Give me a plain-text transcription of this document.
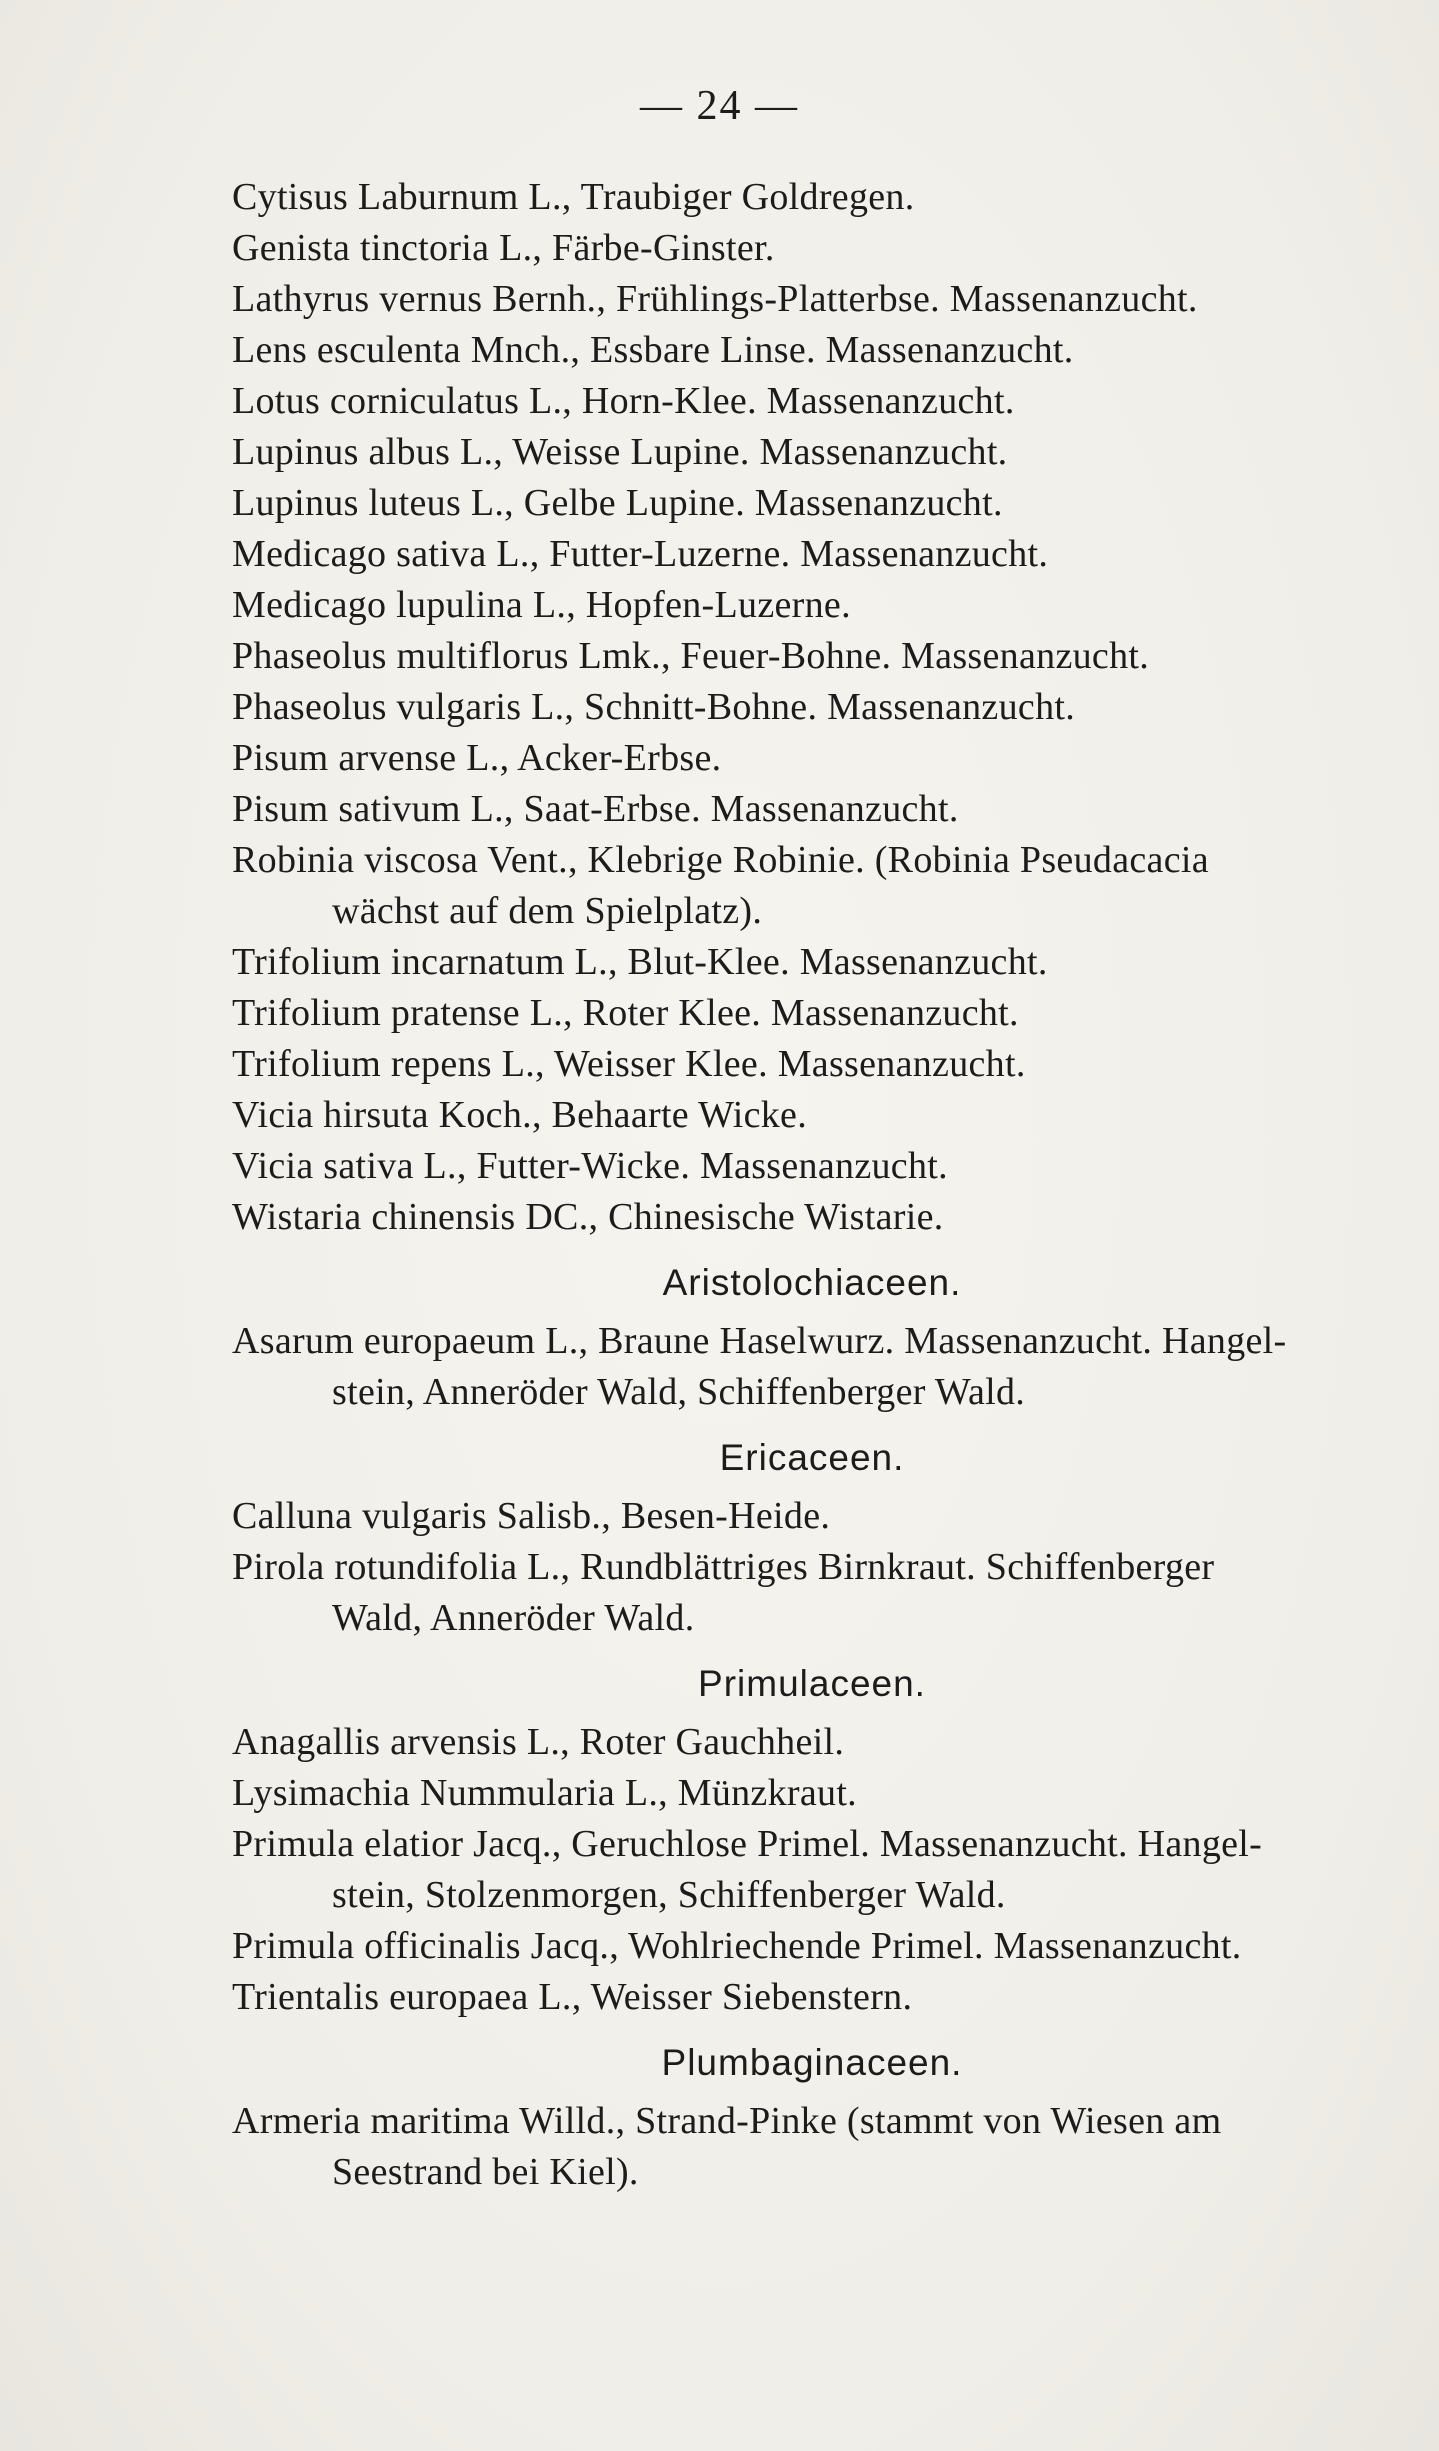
— 24 —
Cytisus Laburnum L., Traubiger Goldregen.
Genista tinctoria L., Färbe-Ginster.
Lathyrus vernus Bernh., Frühlings-Platterbse. Massenanzucht.
Lens esculenta Mnch., Essbare Linse. Massenanzucht.
Lotus corniculatus L., Horn-Klee. Massenanzucht.
Lupinus albus L., Weisse Lupine. Massenanzucht.
Lupinus luteus L., Gelbe Lupine. Massenanzucht.
Medicago sativa L., Futter-Luzerne. Massenanzucht.
Medicago lupulina L., Hopfen-Luzerne.
Phaseolus multiflorus Lmk., Feuer-Bohne. Massenanzucht.
Phaseolus vulgaris L., Schnitt-Bohne. Massenanzucht.
Pisum arvense L., Acker-Erbse.
Pisum sativum L., Saat-Erbse. Massenanzucht.
Robinia viscosa Vent., Klebrige Robinie. (Robinia Pseudacacia
wächst auf dem Spielplatz).
Trifolium incarnatum L., Blut-Klee. Massenanzucht.
Trifolium pratense L., Roter Klee. Massenanzucht.
Trifolium repens L., Weisser Klee. Massenanzucht.
Vicia hirsuta Koch., Behaarte Wicke.
Vicia sativa L., Futter-Wicke. Massenanzucht.
Wistaria chinensis DC., Chinesische Wistarie.
Aristolochiaceen.
Asarum europaeum L., Braune Haselwurz. Massenanzucht. Hangel-
stein, Anneröder Wald, Schiffenberger Wald.
Ericaceen.
Calluna vulgaris Salisb., Besen-Heide.
Pirola rotundifolia L., Rundblättriges Birnkraut. Schiffenberger
Wald, Anneröder Wald.
Primulaceen.
Anagallis arvensis L., Roter Gauchheil.
Lysimachia Nummularia L., Münzkraut.
Primula elatior Jacq., Geruchlose Primel. Massenanzucht. Hangel-
stein, Stolzenmorgen, Schiffenberger Wald.
Primula officinalis Jacq., Wohlriechende Primel. Massenanzucht.
Trientalis europaea L., Weisser Siebenstern.
Plumbaginaceen.
Armeria maritima Willd., Strand-Pinke (stammt von Wiesen am
Seestrand bei Kiel).
